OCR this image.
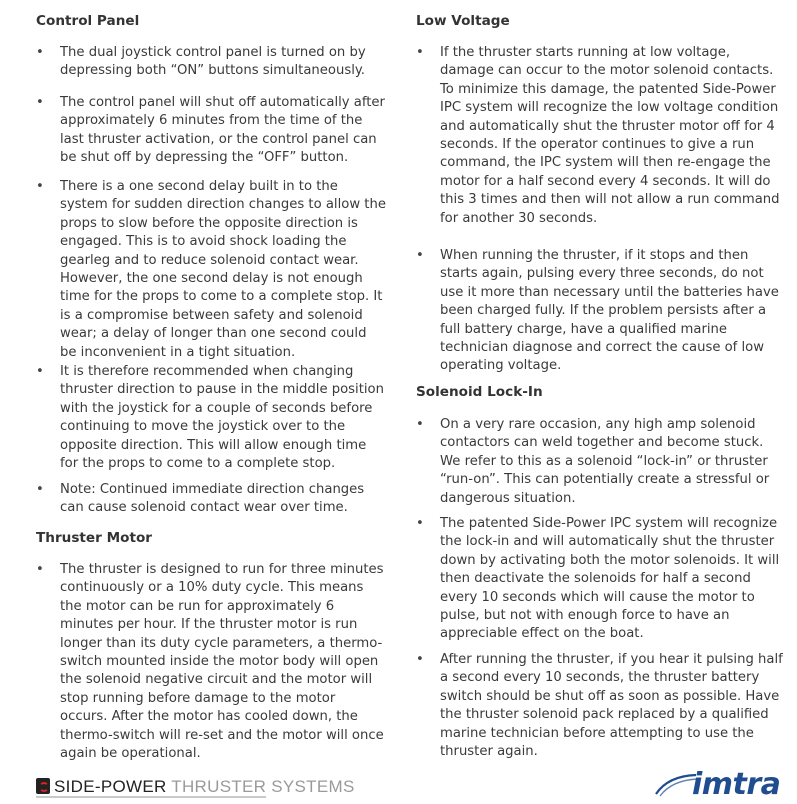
Control Panel
• The dual joystick control panel is turned on by depressing both “ON” buttons simultaneously.
• The control panel will shut off automatically after approximately 6 minutes from the time of the last thruster activation, or the control panel can be shut off by depressing the “OFF” button.
• There is a one second delay built in to the system for sudden direction changes to allow the props to slow before the opposite direction is engaged. This is to avoid shock loading the gearleg and to reduce solenoid contact wear. However, the one second delay is not enough time for the props to come to a complete stop. It is a compromise between safety and solenoid wear; a delay of longer than one second could be inconvenient in a tight situation.
• It is therefore recommended when changing thruster direction to pause in the middle position with the joystick for a couple of seconds before continuing to move the joystick over to the opposite direction. This will allow enough time for the props to come to a complete stop.
• Note: Continued immediate direction changes can cause solenoid contact wear over time.
Thruster Motor
• The thruster is designed to run for three minutes continuously or a 10% duty cycle. This means the motor can be run for approximately 6 minutes per hour. If the thruster motor is run longer than its duty cycle parameters, a thermo-switch mounted inside the motor body will open the solenoid negative circuit and the motor will stop running before damage to the motor occurs. After the motor has cooled down, the thermo-switch will re-set and the motor will once again be operational.
Low Voltage
• If the thruster starts running at low voltage, damage can occur to the motor solenoid contacts. To minimize this damage, the patented Side-Power IPC system will recognize the low voltage condition and automatically shut the thruster motor off for 4 seconds. If the operator continues to give a run command, the IPC system will then re-engage the motor for a half second every 4 seconds. It will do this 3 times and then will not allow a run command for another 30 seconds.
• When running the thruster, if it stops and then starts again, pulsing every three seconds, do not use it more than necessary until the batteries have been charged fully. If the problem persists after a full battery charge, have a qualified marine technician diagnose and correct the cause of low operating voltage.
Solenoid Lock-In
• On a very rare occasion, any high amp solenoid contactors can weld together and become stuck. We refer to this as a solenoid “lock-in” or thruster “run-on”. This can potentially create a stressful or dangerous situation.
• The patented Side-Power IPC system will recognize the lock-in and will automatically shut the thruster down by activating both the motor solenoids. It will then deactivate the solenoids for half a second every 10 seconds which will cause the motor to pulse, but not with enough force to have an appreciable effect on the boat.
• After running the thruster, if you hear it pulsing half a second every 10 seconds, the thruster battery switch should be shut off as soon as possible. Have the thruster solenoid pack replaced by a qualified marine technician before attempting to use the thruster again.
SIDE-POWER THRUSTER SYSTEMS	imtra
